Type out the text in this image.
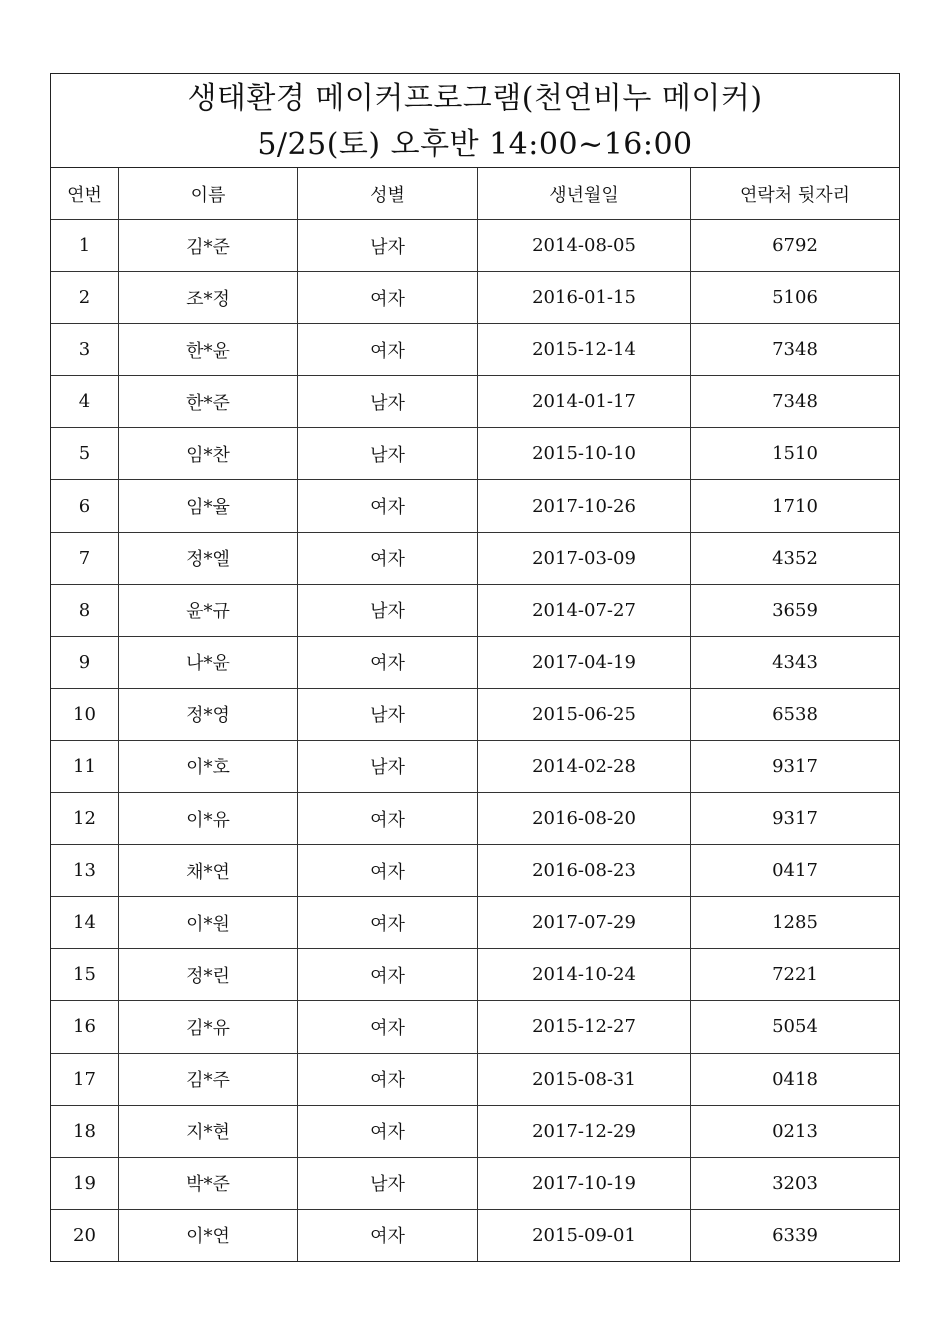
생태환경 메이커프로그램(천연비누 메이커)
5/25(토) 오후반 14:00~16:00
연번	이름	성별	생년월일	연락처 뒷자리
1	김*준	남자	2014-08-05	6792
2	조*정	여자	2016-01-15	5106
3	한*윤	여자	2015-12-14	7348
4	한*준	남자	2014-01-17	7348
5	임*찬	남자	2015-10-10	1510
6	임*율	여자	2017-10-26	1710
7	정*엘	여자	2017-03-09	4352
8	윤*규	남자	2014-07-27	3659
9	나*윤	여자	2017-04-19	4343
10	정*영	남자	2015-06-25	6538
11	이*호	남자	2014-02-28	9317
12	이*유	여자	2016-08-20	9317
13	채*연	여자	2016-08-23	0417
14	이*원	여자	2017-07-29	1285
15	정*린	여자	2014-10-24	7221
16	김*유	여자	2015-12-27	5054
17	김*주	여자	2015-08-31	0418
18	지*현	여자	2017-12-29	0213
19	박*준	남자	2017-10-19	3203
20	이*연	여자	2015-09-01	6339
